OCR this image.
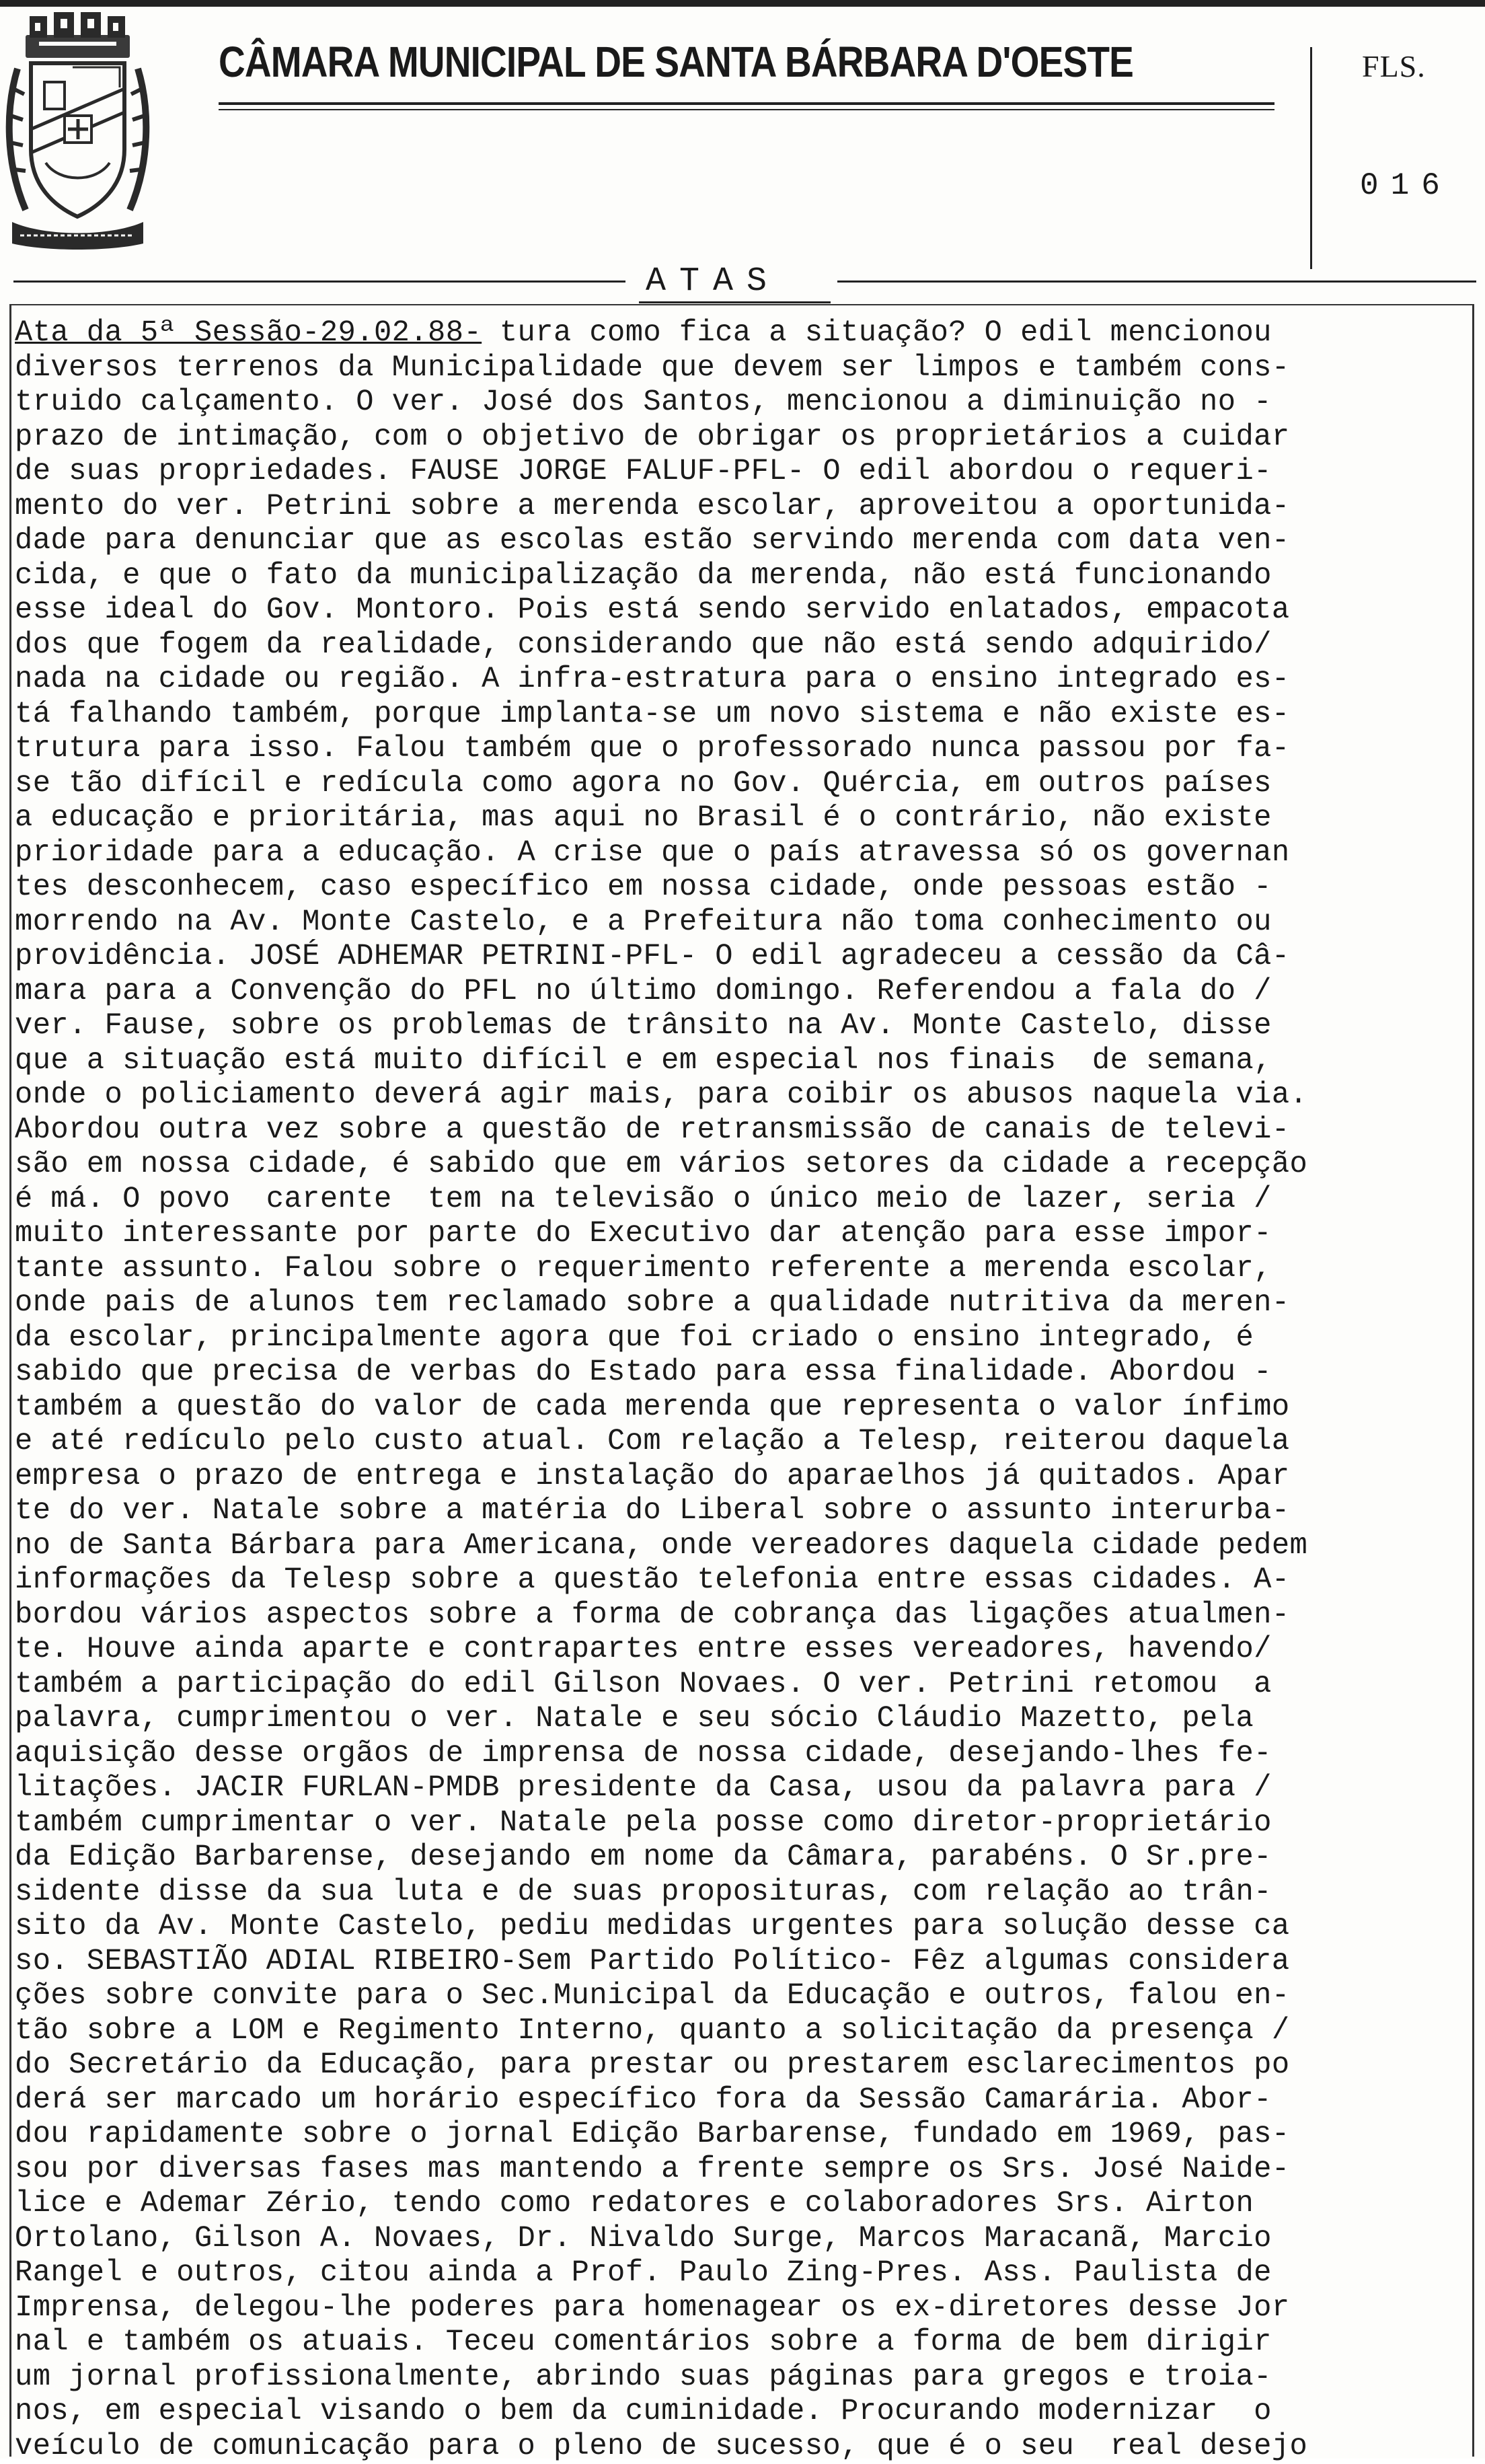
CÂMARA MUNICIPAL DE SANTA BÁRBARA D'OESTE	FLS.
016
ATAS
Ata da 5ª Sessão-29.02.88- tura como fica a situação? O edil mencionou
diversos terrenos da Municipalidade que devem ser limpos e também cons-
truido calçamento. O ver. José dos Santos, mencionou a diminuição no -
prazo de intimação, com o objetivo de obrigar os proprietários a cuidar
de suas propriedades. FAUSE JORGE FALUF-PFL- O edil abordou o requeri-
mento do ver. Petrini sobre a merenda escolar, aproveitou a oportunida-
dade para denunciar que as escolas estão servindo merenda com data ven-
cida, e que o fato da municipalização da merenda, não está funcionando
esse ideal do Gov. Montoro. Pois está sendo servido enlatados, empacota
dos que fogem da realidade, considerando que não está sendo adquirido/
nada na cidade ou região. A infra-estratura para o ensino integrado es-
tá falhando também, porque implanta-se um novo sistema e não existe es-
trutura para isso. Falou também que o professorado nunca passou por fa-
se tão difícil e redícula como agora no Gov. Quércia, em outros países
a educação e prioritária, mas aqui no Brasil é o contrário, não existe
prioridade para a educação. A crise que o país atravessa só os governan
tes desconhecem, caso específico em nossa cidade, onde pessoas estão -
morrendo na Av. Monte Castelo, e a Prefeitura não toma conhecimento ou
providência. JOSÉ ADHEMAR PETRINI-PFL- O edil agradeceu a cessão da Câ-
mara para a Convenção do PFL no último domingo. Referendou a fala do /
ver. Fause, sobre os problemas de trânsito na Av. Monte Castelo, disse
que a situação está muito difícil e em especial nos finais  de semana,
onde o policiamento deverá agir mais, para coibir os abusos naquela via.
Abordou outra vez sobre a questão de retransmissão de canais de televi-
são em nossa cidade, é sabido que em vários setores da cidade a recepção
é má. O povo  carente  tem na televisão o único meio de lazer, seria /
muito interessante por parte do Executivo dar atenção para esse impor-
tante assunto. Falou sobre o requerimento referente a merenda escolar,
onde pais de alunos tem reclamado sobre a qualidade nutritiva da meren-
da escolar, principalmente agora que foi criado o ensino integrado, é
sabido que precisa de verbas do Estado para essa finalidade. Abordou -
também a questão do valor de cada merenda que representa o valor ínfimo
e até redículo pelo custo atual. Com relação a Telesp, reiterou daquela
empresa o prazo de entrega e instalação do aparaelhos já quitados. Apar
te do ver. Natale sobre a matéria do Liberal sobre o assunto interurba-
no de Santa Bárbara para Americana, onde vereadores daquela cidade pedem
informações da Telesp sobre a questão telefonia entre essas cidades. A-
bordou vários aspectos sobre a forma de cobrança das ligações atualmen-
te. Houve ainda aparte e contrapartes entre esses vereadores, havendo/
também a participação do edil Gilson Novaes. O ver. Petrini retomou  a
palavra, cumprimentou o ver. Natale e seu sócio Cláudio Mazetto, pela
aquisição desse orgãos de imprensa de nossa cidade, desejando-lhes fe-
litações. JACIR FURLAN-PMDB presidente da Casa, usou da palavra para /
também cumprimentar o ver. Natale pela posse como diretor-proprietário
da Edição Barbarense, desejando em nome da Câmara, parabéns. O Sr.pre-
sidente disse da sua luta e de suas proposituras, com relação ao trân-
sito da Av. Monte Castelo, pediu medidas urgentes para solução desse ca
so. SEBASTIÃO ADIAL RIBEIRO-Sem Partido Político- Fêz algumas considera
ções sobre convite para o Sec.Municipal da Educação e outros, falou en-
tão sobre a LOM e Regimento Interno, quanto a solicitação da presença /
do Secretário da Educação, para prestar ou prestarem esclarecimentos po
derá ser marcado um horário específico fora da Sessão Camarária. Abor-
dou rapidamente sobre o jornal Edição Barbarense, fundado em 1969, pas-
sou por diversas fases mas mantendo a frente sempre os Srs. José Naide-
lice e Ademar Zério, tendo como redatores e colaboradores Srs. Airton
Ortolano, Gilson A. Novaes, Dr. Nivaldo Surge, Marcos Maracanã, Marcio
Rangel e outros, citou ainda a Prof. Paulo Zing-Pres. Ass. Paulista de
Imprensa, delegou-lhe poderes para homenagear os ex-diretores desse Jor
nal e também os atuais. Teceu comentários sobre a forma de bem dirigir
um jornal profissionalmente, abrindo suas páginas para gregos e troia-
nos, em especial visando o bem da cuminidade. Procurando modernizar  o
veículo de comunicação para o pleno de sucesso, que é o seu  real desejo
